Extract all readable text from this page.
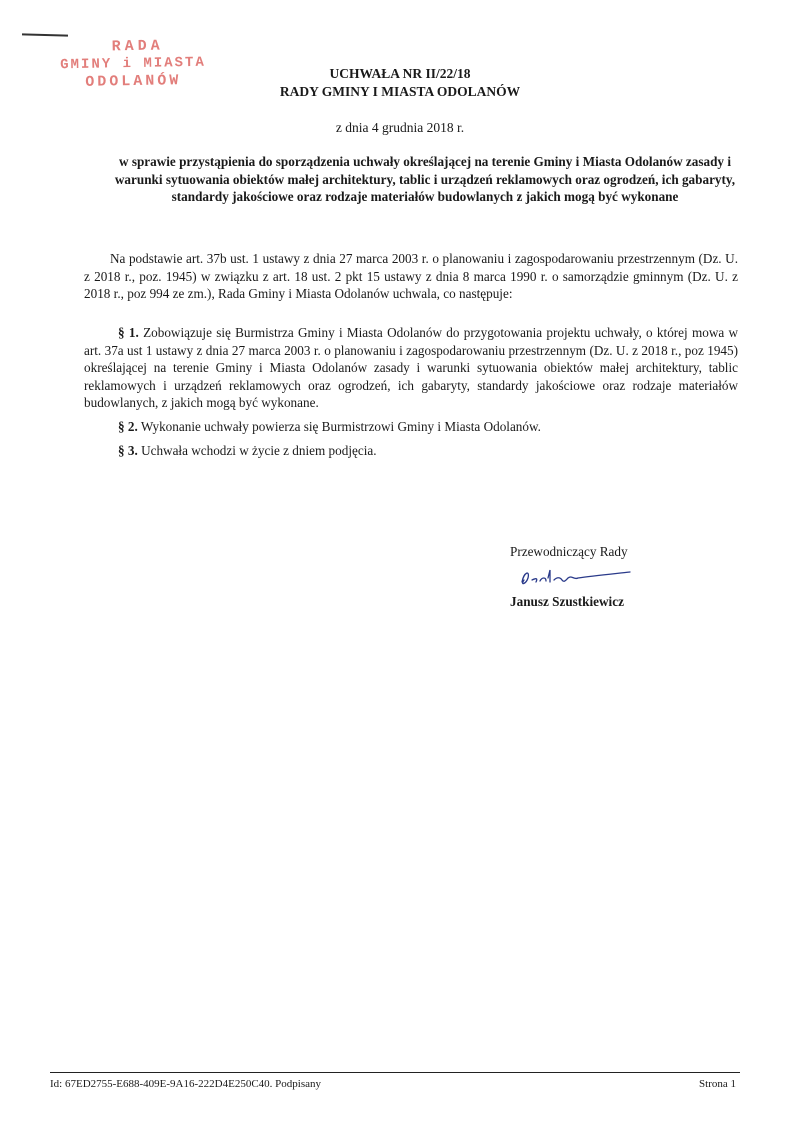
RADA
GMINY i MIASTA
ODOLANÓW	UCHWAŁA NR II/22/18
RADY GMINY I MIASTA ODOLANÓW
z dnia 4 grudnia 2018 r.
w sprawie przystąpienia do sporządzenia uchwały określającej na terenie Gminy i Miasta Odolanów zasady i warunki sytuowania obiektów małej architektury, tablic i urządzeń reklamowych oraz ogrodzeń, ich gabaryty, standardy jakościowe oraz rodzaje materiałów budowlanych z jakich mogą być wykonane
Na podstawie art. 37b ust. 1 ustawy z dnia 27 marca 2003 r. o planowaniu i zagospodarowaniu przestrzennym (Dz. U. z 2018 r., poz. 1945) w związku z art. 18 ust. 2 pkt 15 ustawy z dnia 8 marca 1990 r. o samorządzie gminnym (Dz. U. z 2018 r., poz 994 ze zm.), Rada Gminy i Miasta Odolanów uchwala, co następuje:
§ 1. Zobowiązuje się Burmistrza Gminy i Miasta Odolanów do przygotowania projektu uchwały, o której mowa w art. 37a ust 1 ustawy z dnia 27 marca 2003 r. o planowaniu i zagospodarowaniu przestrzennym (Dz. U. z 2018 r., poz 1945) określającej na terenie Gminy i Miasta Odolanów zasady i warunki sytuowania obiektów małej architektury, tablic reklamowych i urządzeń reklamowych oraz ogrodzeń, ich gabaryty, standardy jakościowe oraz rodzaje materiałów budowlanych, z jakich mogą być wykonane.
§ 2. Wykonanie uchwały powierza się Burmistrzowi Gminy i Miasta Odolanów.
§ 3. Uchwała wchodzi w życie z dniem podjęcia.
Przewodniczący Rady
Janusz Szustkiewicz
Id: 67ED2755-E688-409E-9A16-222D4E250C40. Podpisany	Strona 1
